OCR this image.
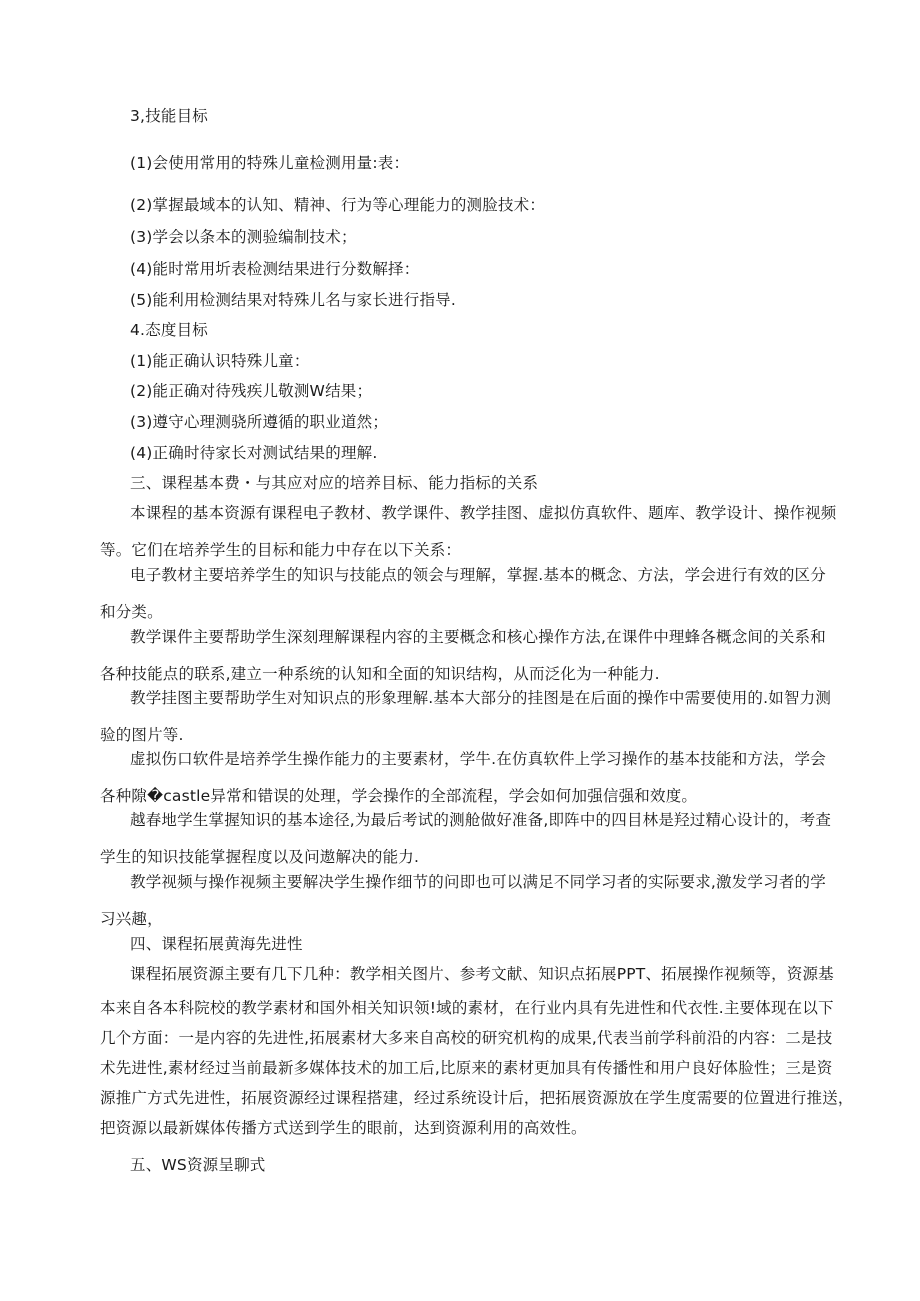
3,技能目标
(1)会使用常用的特殊儿童检测用量:表：
(2)掌握最域本的认知、精神、行为等心理能力的测脸技术：
(3)学会以条本的测验编制技术；
(4)能时常用圻表检测结果进行分数解择：
(5)能利用检测结果对特殊儿名与家长进行指导.
4.态度目标
(1)能正确认识特殊儿童：
(2)能正确对待残疾儿敬测W结果；
(3)遵守心理测骁所遵循的职业道然；
(4)正确时待家长对测试结果的理解.
三、课程基本费・与其应对应的培养目标、能力指标的关系
本课程的基本资源有课程电子教材、教学课件、教学挂图、虚拟仿真软件、题库、教学设计、操作视频
等。它们在培养学生的目标和能力中存在以下关系：
电子教材主要培养学生的知识与技能点的领会与理解，掌握.基本的概念、方法，学会进行有效的区分
和分类。
教学课件主要帮助学生深刻理解课程内容的主要概念和核心操作方法,在课件中理蜂各概念间的关系和
各种技能点的联系,建立一种系统的认知和全面的知识结构，从而泛化为一种能力.
教学挂图主要帮助学生对知识点的形象理解.基本大部分的挂图是在后面的操作中需要使用的.如智力测
验的图片等.
虚拟伤口软件是培养学生操作能力的主要素材，学牛.在仿真软件上学习操作的基本技能和方法，学会
各种隙�castle异常和错误的处理，学会操作的全部流程，学会如何加强信强和效度。
越春地学生掌握知识的基本途径,为最后考试的测舱做好准备,即阵中的四目林是羟过精心设计的，考查
学生的知识技能掌握程度以及问遨解决的能力.
教学视频与操作视频主要解决学生操作细节的问即也可以满足不同学习者的实际要求,激发学习者的学
习兴趣，
四、课程拓展黄海先进性
课程拓展资源主要有几下几种：教学相关图片、参考文献、知识点拓展PPT、拓展操作视频等，资源基
本来自各本科院校的教学素材和国外相关知识领!域的素材，在行业内具有先进性和代衣性.主要体现在以下
几个方面：一是内容的先进性,拓展素材大多来自高校的研究机构的成果,代表当前学科前沿的内容：二是技
术先进性,素材经过当前最新多媒体技术的加工后,比原来的素材更加具有传播性和用户良好体脸性；三是资
源推广方式先进性，拓展资源经过课程搭建，经过系统设计后，把拓展资源放在学生度需要的位置进行推送，
把资源以最新媒体传播方式送到学生的眼前，达到资源利用的高效性。
五、WS资源呈聊式
